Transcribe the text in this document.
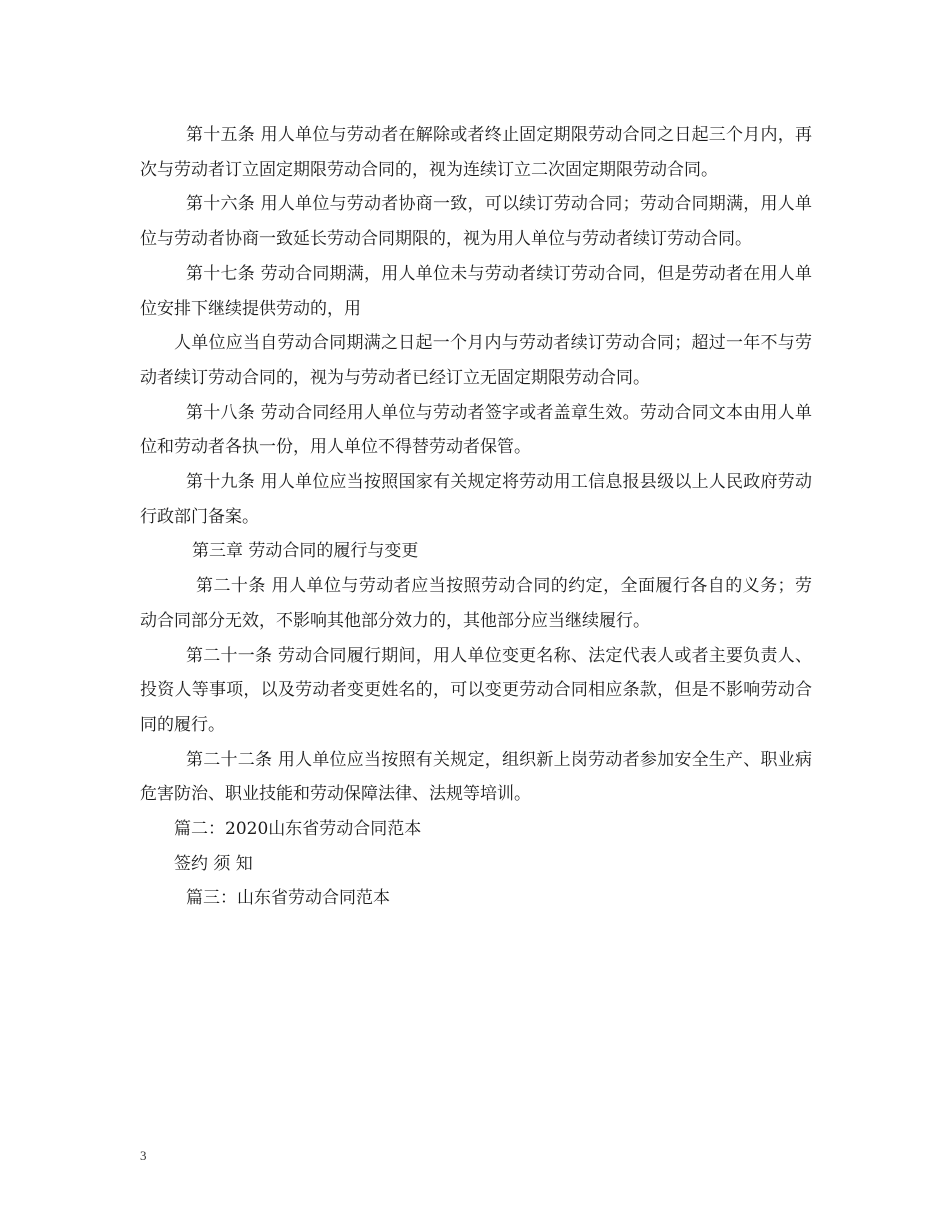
第十五条 用人单位与劳动者在解除或者终止固定期限劳动合同之日起三个月内，再次与劳动者订立固定期限劳动合同的，视为连续订立二次固定期限劳动合同。

第十六条 用人单位与劳动者协商一致，可以续订劳动合同；劳动合同期满，用人单位与劳动者协商一致延长劳动合同期限的，视为用人单位与劳动者续订劳动合同。

第十七条 劳动合同期满，用人单位未与劳动者续订劳动合同，但是劳动者在用人单位安排下继续提供劳动的，用

人单位应当自劳动合同期满之日起一个月内与劳动者续订劳动合同；超过一年不与劳动者续订劳动合同的，视为与劳动者已经订立无固定期限劳动合同。

第十八条 劳动合同经用人单位与劳动者签字或者盖章生效。劳动合同文本由用人单位和劳动者各执一份，用人单位不得替劳动者保管。

第十九条 用人单位应当按照国家有关规定将劳动用工信息报县级以上人民政府劳动行政部门备案。

第三章 劳动合同的履行与变更

第二十条 用人单位与劳动者应当按照劳动合同的约定，全面履行各自的义务；劳动合同部分无效，不影响其他部分效力的，其他部分应当继续履行。

第二十一条 劳动合同履行期间，用人单位变更名称、法定代表人或者主要负责人、投资人等事项，以及劳动者变更姓名的，可以变更劳动合同相应条款，但是不影响劳动合同的履行。

第二十二条 用人单位应当按照有关规定，组织新上岗劳动者参加安全生产、职业病危害防治、职业技能和劳动保障法律、法规等培训。

篇二：2020山东省劳动合同范本

签约 须 知

篇三：山东省劳动合同范本

3
